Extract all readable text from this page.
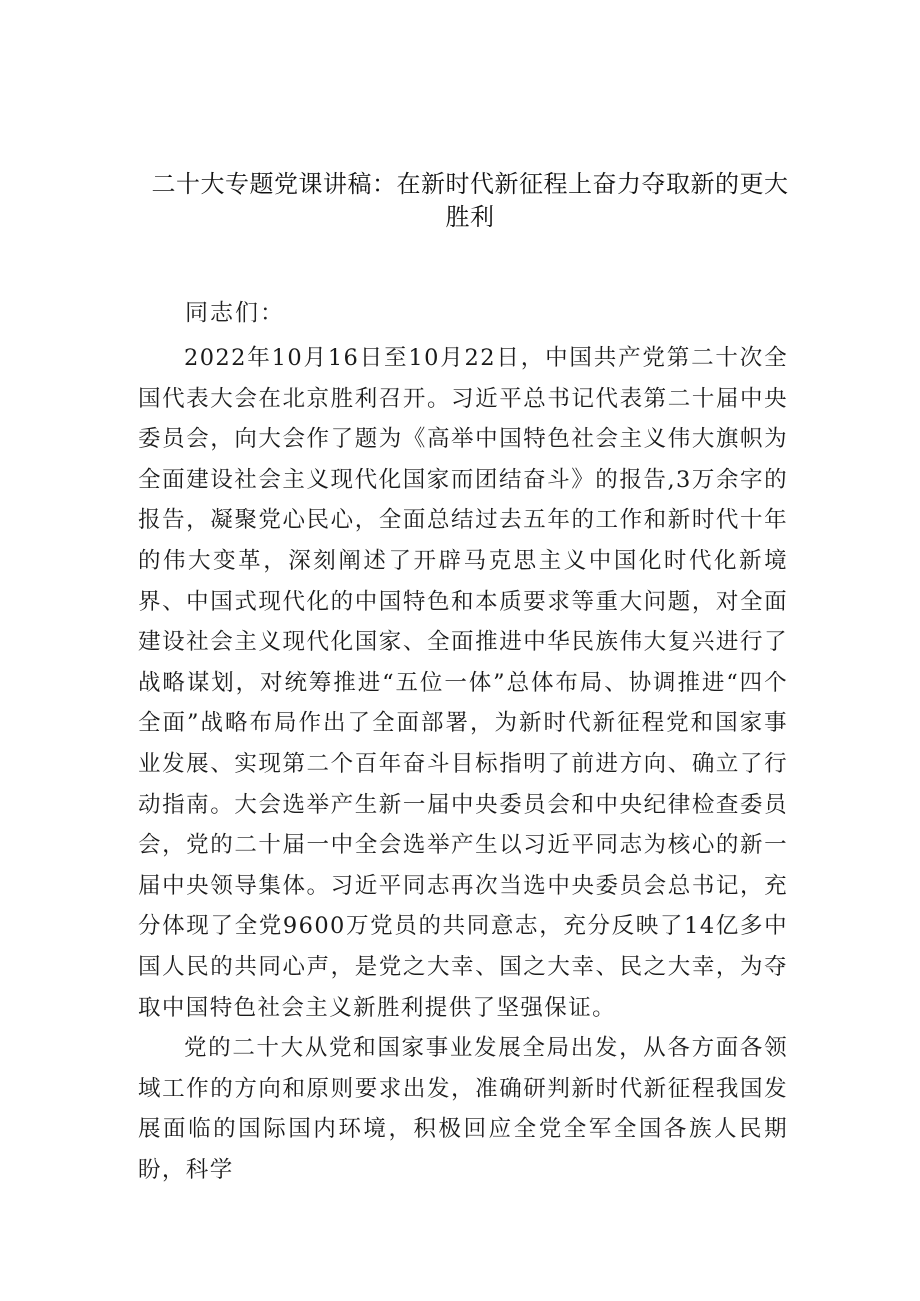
二十大专题党课讲稿：在新时代新征程上奋力夺取新的更大胜利

同志们：

2022年10月16日至10月22日，中国共产党第二十次全国代表大会在北京胜利召开。习近平总书记代表第二十届中央委员会，向大会作了题为《高举中国特色社会主义伟大旗帜为全面建设社会主义现代化国家而团结奋斗》的报告,3万余字的报告，凝聚党心民心，全面总结过去五年的工作和新时代十年的伟大变革，深刻阐述了开辟马克思主义中国化时代化新境界、中国式现代化的中国特色和本质要求等重大问题，对全面建设社会主义现代化国家、全面推进中华民族伟大复兴进行了战略谋划，对统筹推进“五位一体”总体布局、协调推进“四个全面”战略布局作出了全面部署，为新时代新征程党和国家事业发展、实现第二个百年奋斗目标指明了前进方向、确立了行动指南。大会选举产生新一届中央委员会和中央纪律检查委员会，党的二十届一中全会选举产生以习近平同志为核心的新一届中央领导集体。习近平同志再次当选中央委员会总书记，充分体现了全党9600万党员的共同意志，充分反映了14亿多中国人民的共同心声，是党之大幸、国之大幸、民之大幸，为夺取中国特色社会主义新胜利提供了坚强保证。

党的二十大从党和国家事业发展全局出发，从各方面各领域工作的方向和原则要求出发，准确研判新时代新征程我国发展面临的国际国内环境，积极回应全党全军全国各族人民期盼，科学
